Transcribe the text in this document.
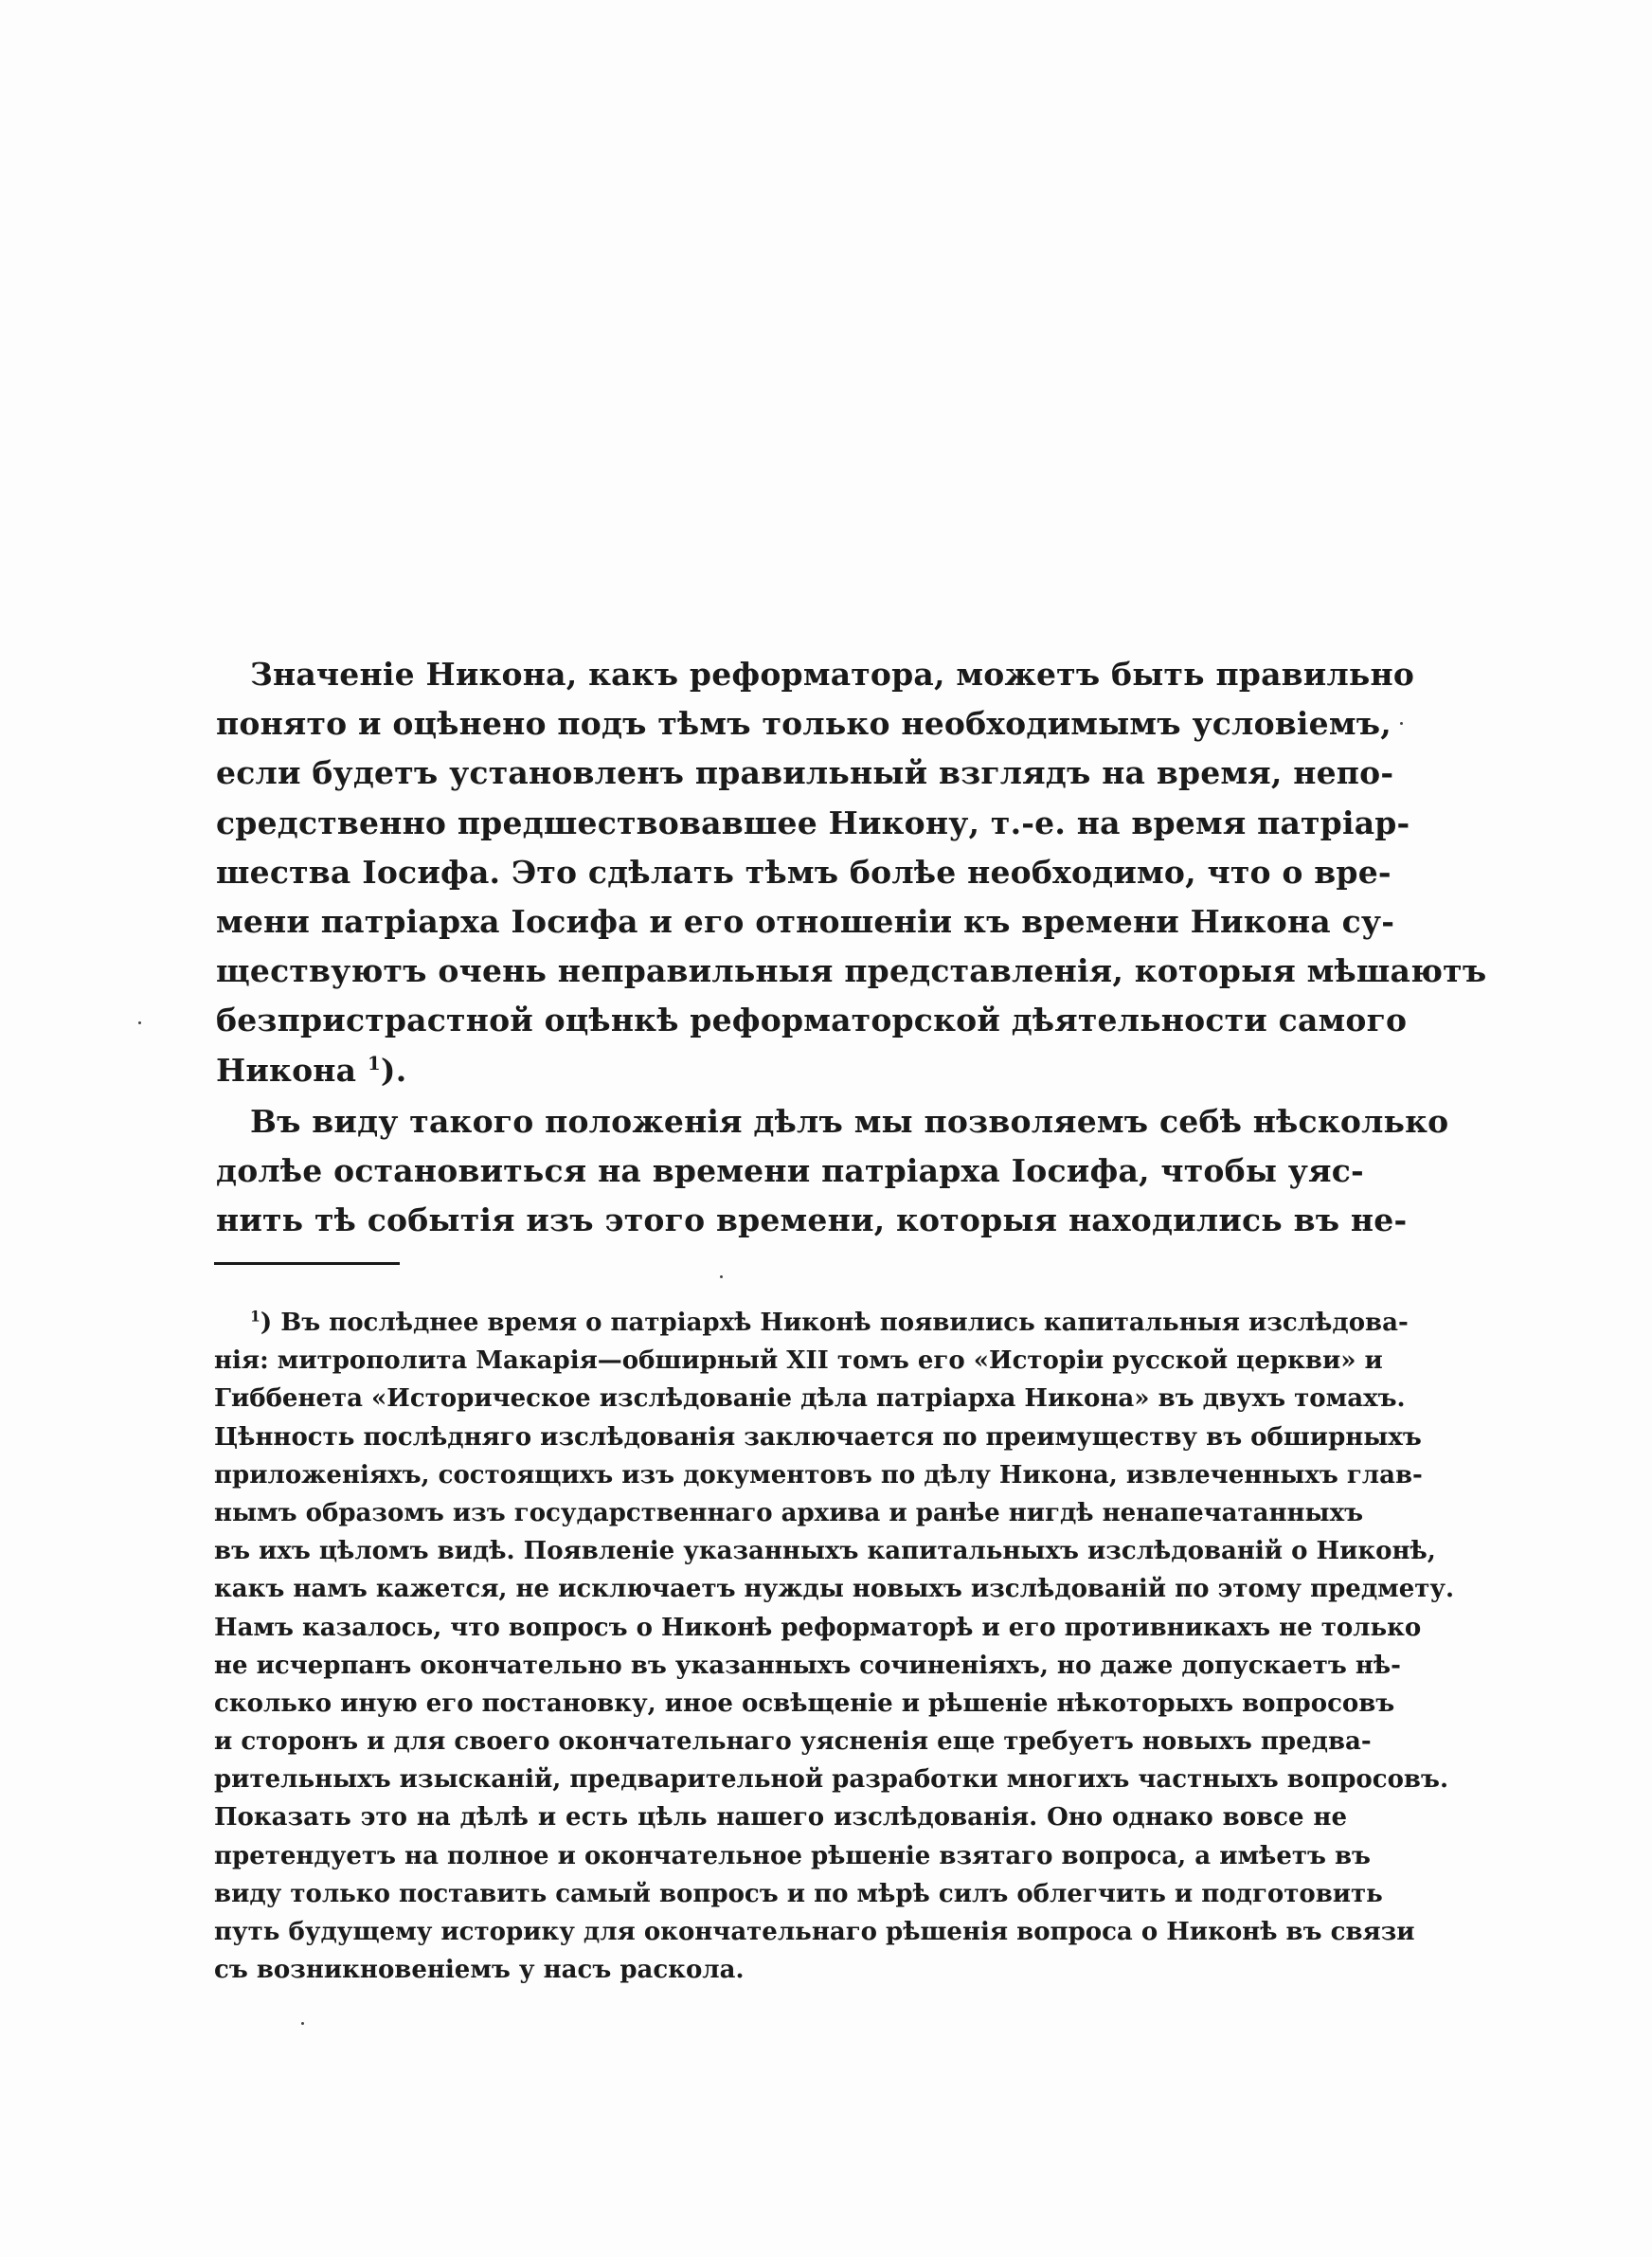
Значеніе Никона, какъ реформатора, можетъ быть правильно
понято и оцѣнено подъ тѣмъ только необходимымъ условіемъ,
если будетъ установленъ правильный взглядъ на время, непо-
средственно предшествовавшее Никону, т.-е. на время патріар-
шества Іосифа. Это сдѣлать тѣмъ болѣе необходимо, что о вре-
мени патріарха Іосифа и его отношеніи къ времени Никона су-
ществуютъ очень неправильныя представленія, которыя мѣшаютъ
безпристрастной оцѣнкѣ реформаторской дѣятельности самого
Никона $^1$).
Въ виду такого положенія дѣлъ мы позволяемъ себѣ нѣсколько
долѣе остановиться на времени патріарха Іосифа, чтобы уяс-
нить тѣ событія изъ этого времени, которыя находились въ не-
$^1$) Въ послѣднее время о патріархѣ Никонѣ появились капитальныя изслѣдова-
нія: митрополита Макарія—обширный XII томъ его «Исторіи русской церкви» и
Гиббенета «Историческое изслѣдованіе дѣла патріарха Никона» въ двухъ томахъ.
Цѣнность послѣдняго изслѣдованія заключается по преимуществу въ обширныхъ
приложеніяхъ, состоящихъ изъ документовъ по дѣлу Никона, извлеченныхъ глав-
нымъ образомъ изъ государственнаго архива и ранѣе нигдѣ ненапечатанныхъ
въ ихъ цѣломъ видѣ. Появленіе указанныхъ капитальныхъ изслѣдованій о Никонѣ,
какъ намъ кажется, не исключаетъ нужды новыхъ изслѣдованій по этому предмету.
Намъ казалось, что вопросъ о Никонѣ реформаторѣ и его противникахъ не только
не исчерпанъ окончательно въ указанныхъ сочиненіяхъ, но даже допускаетъ нѣ-
сколько иную его постановку, иное освѣщеніе и рѣшеніе нѣкоторыхъ вопросовъ
и сторонъ и для своего окончательнаго уясненія еще требуетъ новыхъ предва-
рительныхъ изысканій, предварительной разработки многихъ частныхъ вопросовъ.
Показать это на дѣлѣ и есть цѣль нашего изслѣдованія. Оно однако вовсе не
претендуетъ на полное и окончательное рѣшеніе взятаго вопроса, а имѣетъ въ
виду только поставить самый вопросъ и по мѣрѣ силъ облегчить и подготовить
путь будущему историку для окончательнаго рѣшенія вопроса о Никонѣ въ связи
съ возникновеніемъ у насъ раскола.
